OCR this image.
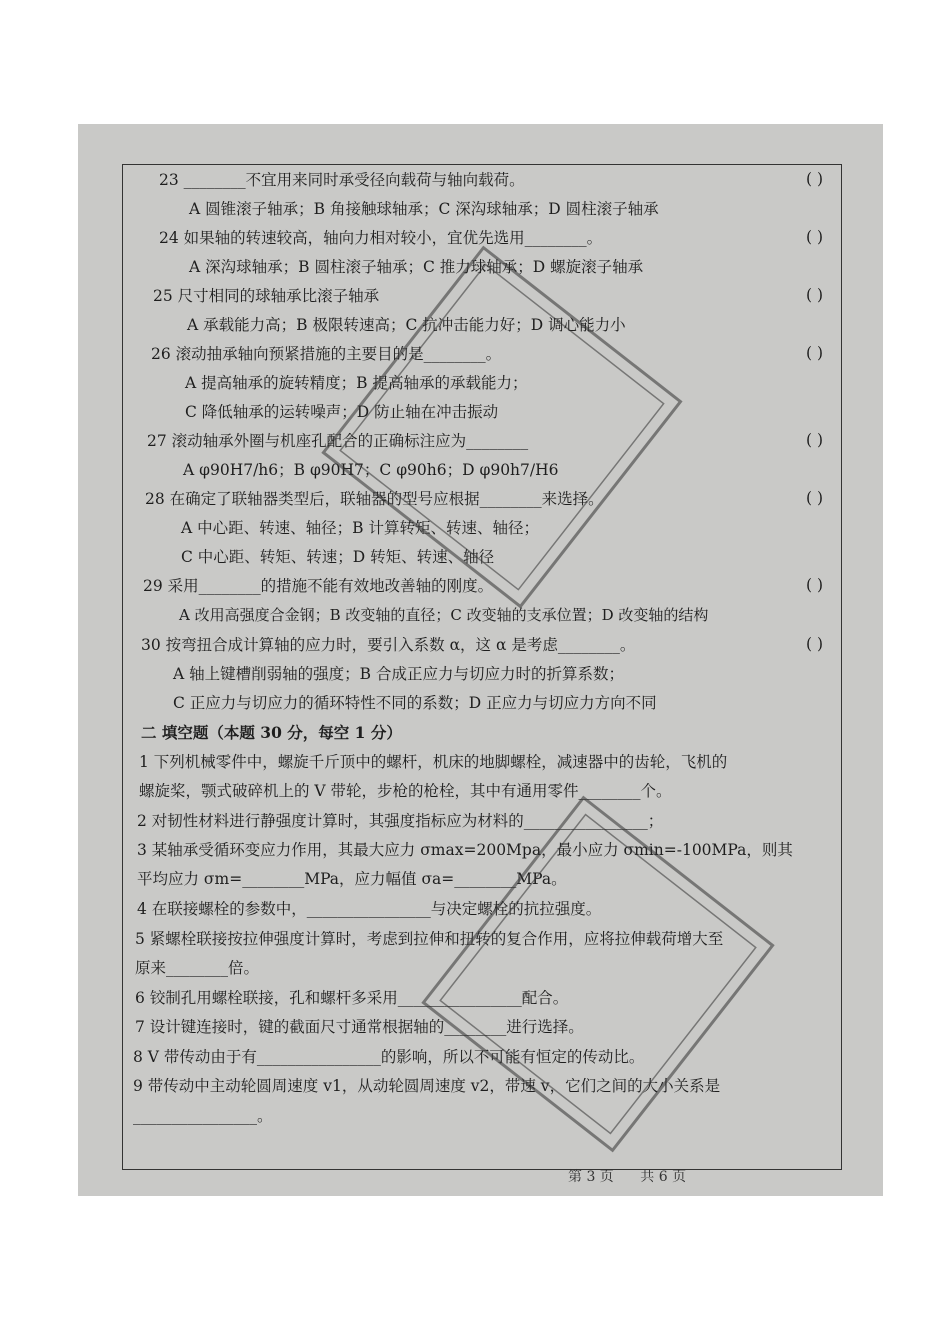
23 ________不宜用来同时承受径向载荷与轴向载荷。	( )
A 圆锥滚子轴承；B 角接触球轴承；C 深沟球轴承；D 圆柱滚子轴承
24 如果轴的转速较高，轴向力相对较小，宜优先选用________。	( )
A 深沟球轴承；B 圆柱滚子轴承；C 推力球轴承；D 螺旋滚子轴承
25 尺寸相同的球轴承比滚子轴承	( )
A 承载能力高；B 极限转速高；C 抗冲击能力好；D 调心能力小
26 滚动抽承轴向预紧措施的主要目的是________。	( )
A 提高轴承的旋转精度；B 提高轴承的承载能力；
C 降低轴承的运转噪声；D 防止轴在冲击振动
27 滚动轴承外圈与机座孔配合的正确标注应为________	( )
A φ90H7/h6；B φ90H7；C φ90h6；D φ90h7/H6
28 在确定了联轴器类型后，联轴器的型号应根据________来选择。	( )
A 中心距、转速、轴径；B 计算转矩、转速、轴径；
C 中心距、转矩、转速；D 转矩、转速、轴径
29 采用________的措施不能有效地改善轴的刚度。	( )
A 改用高强度合金钢；B 改变轴的直径；C 改变轴的支承位置；D 改变轴的结构
30 按弯扭合成计算轴的应力时，要引入系数 α，这 α 是考虑________。	( )
A 轴上键槽削弱轴的强度；B 合成正应力与切应力时的折算系数；
C 正应力与切应力的循环特性不同的系数；D 正应力与切应力方向不同
二 填空题（本题 30 分，每空 1 分）
1 下列机械零件中，螺旋千斤顶中的螺杆，机床的地脚螺栓，减速器中的齿轮，飞机的
螺旋桨，颚式破碎机上的 V 带轮，步枪的枪栓，其中有通用零件________个。
2 对韧性材料进行静强度计算时，其强度指标应为材料的________________；
3 某轴承受循环变应力作用，其最大应力 σmax=200Mpa，最小应力 σmin=-100MPa，则其
平均应力 σm=________MPa，应力幅值 σa=________MPa。
4 在联接螺栓的参数中，________________与决定螺栓的抗拉强度。
5 紧螺栓联接按拉伸强度计算时，考虑到拉伸和扭转的复合作用，应将拉伸载荷增大至
原来________倍。
6 铰制孔用螺栓联接，孔和螺杆多采用________________配合。
7 设计键连接时，键的截面尺寸通常根据轴的________进行选择。
8 V 带传动由于有________________的影响，所以不可能有恒定的传动比。
9 带传动中主动轮圆周速度 v1，从动轮圆周速度 v2，带速 v，它们之间的大小关系是
________________。
第 3 页 共 6 页
